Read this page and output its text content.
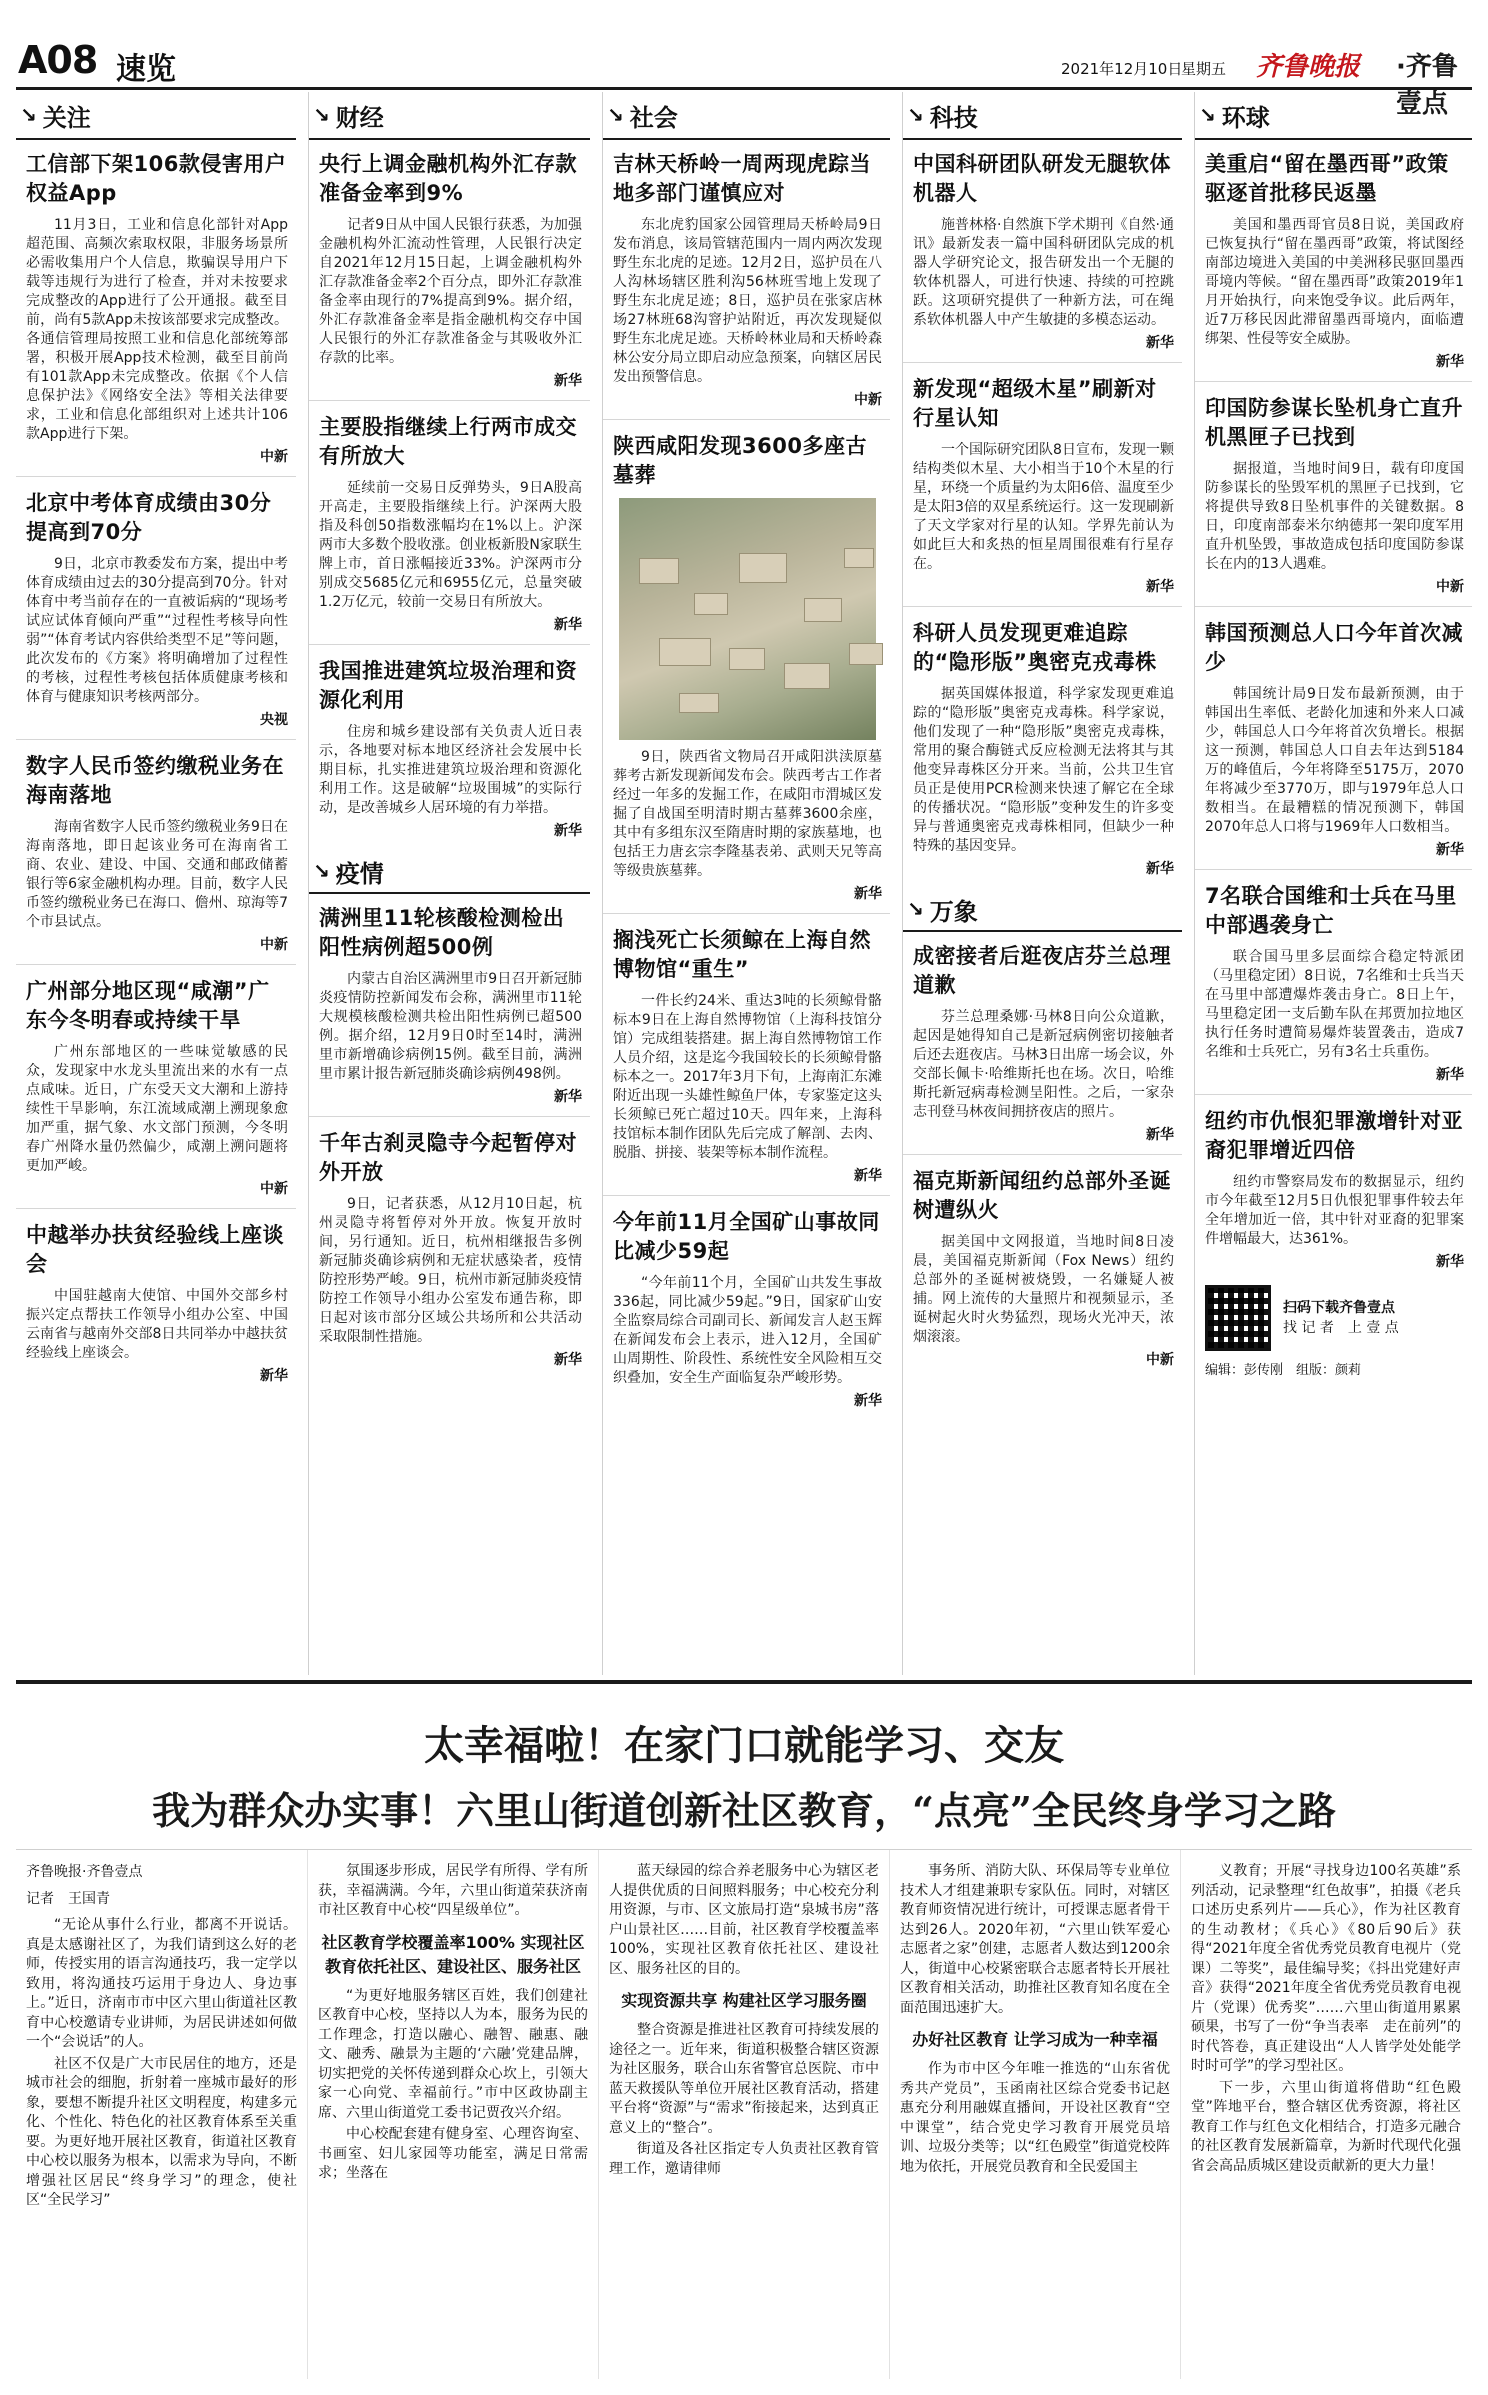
A08 速览	2021年12月10日
星期五 齐鲁晚报 ·齐鲁壹点
↘ 关注
工信部下架106款侵害用户权益App

11月3日，工业和信息化部针对App超范围、高频次索取权限，非服务场景所必需收集用户个人信息，欺骗误导用户下载等违规行为进行了检查，并对未按要求完成整改的App进行了公开通报。截至目前，尚有5款App未按该部要求完成整改。各通信管理局按照工业和信息化部统筹部署，积极开展App技术检测，截至目前尚有101款App未完成整改。依据《个人信息保护法》《网络安全法》等相关法律要求，工业和信息化部组织对上述共计106款App进行下架。

中新
北京中考体育成绩由30分提高到70分

9日，北京市教委发布方案，提出中考体育成绩由过去的30分提高到70分。针对体育中考当前存在的一直被诟病的“现场考试应试体育倾向严重”“过程性考核导向性弱”“体育考试内容供给类型不足”等问题，此次发布的《方案》将明确增加了过程性的考核，过程性考核包括体质健康考核和体育与健康知识考核两部分。

央视
数字人民币签约缴税业务在海南落地

海南省数字人民币签约缴税业务9日在海南落地，即日起该业务可在海南省工商、农业、建设、中国、交通和邮政储蓄银行等6家金融机构办理。目前，数字人民币签约缴税业务已在海口、儋州、琼海等7个市县试点。

中新
广州部分地区现“咸潮”广东今冬明春或持续干旱

广州东部地区的一些味觉敏感的民众，发现家中水龙头里流出来的水有一点点咸味。近日，广东受天文大潮和上游持续性干旱影响，东江流域咸潮上溯现象愈加严重，据气象、水文部门预测，今冬明春广州降水量仍然偏少，咸潮上溯问题将更加严峻。

中新
中越举办扶贫经验线上座谈会

中国驻越南大使馆、中国外交部乡村振兴定点帮扶工作领导小组办公室、中国云南省与越南外交部8日共同举办中越扶贫经验线上座谈会。

新华
↘ 财经
央行上调金融机构外汇存款准备金率到9%

记者9日从中国人民银行获悉，为加强金融机构外汇流动性管理，人民银行决定自2021年12月15日起，上调金融机构外汇存款准备金率2个百分点，即外汇存款准备金率由现行的7%提高到9%。据介绍，外汇存款准备金率是指金融机构交存中国人民银行的外汇存款准备金与其吸收外汇存款的比率。

新华
主要股指继续上行两市成交有所放大

延续前一交易日反弹势头，9日A股高开高走，主要股指继续上行。沪深两大股指及科创50指数涨幅均在1%以上。沪深两市大多数个股收涨。创业板新股N家联生牌上市，首日涨幅接近33%。沪深两市分别成交5685亿元和6955亿元，总量突破1.2万亿元，较前一交易日有所放大。

新华
我国推进建筑垃圾治理和资源化利用

住房和城乡建设部有关负责人近日表示，各地要对标本地区经济社会发展中长期目标，扎实推进建筑垃圾治理和资源化利用工作。这是破解“垃圾围城”的实际行动，是改善城乡人居环境的有力举措。

新华
↘ 疫情
满洲里11轮核酸检测检出阳性病例超500例

内蒙古自治区满洲里市9日召开新冠肺炎疫情防控新闻发布会称，满洲里市11轮大规模核酸检测共检出阳性病例已超500例。据介绍，12月9日0时至14时，满洲里市新增确诊病例15例。截至目前，满洲里市累计报告新冠肺炎确诊病例498例。

新华
千年古刹灵隐寺今起暂停对外开放

9日，记者获悉，从12月10日起，杭州灵隐寺将暂停对外开放。恢复开放时间，另行通知。近日，杭州相继报告多例新冠肺炎确诊病例和无症状感染者，疫情防控形势严峻。9日，杭州市新冠肺炎疫情防控工作领导小组办公室发布通告称，即日起对该市部分区域公共场所和公共活动采取限制性措施。

新华
↘ 社会
吉林天桥岭一周两现虎踪当地多部门谨慎应对

东北虎豹国家公园管理局天桥岭局9日发布消息，该局管辖范围内一周内两次发现野生东北虎的足迹。12月2日，巡护员在八人沟林场辖区胜利沟56林班雪地上发现了野生东北虎足迹；8日，巡护员在张家店林场27林班68沟窨护站附近，再次发现疑似野生东北虎足迹。天桥岭林业局和天桥岭森林公安分局立即启动应急预案，向辖区居民发出预警信息。

中新
陕西咸阳发现3600多座古墓葬

9日，陕西省文物局召开咸阳洪渎原墓葬考古新发现新闻发布会。陕西考古工作者经过一年多的发掘工作，在咸阳市渭城区发掘了自战国至明清时期古墓葬3600余座，其中有多组东汉至隋唐时期的家族墓地，也包括王力唐玄宗李隆基表弟、武则天兄等高等级贵族墓葬。

新华
搁浅死亡长须鲸在上海自然博物馆“重生”

一件长约24米、重达3吨的长须鲸骨骼标本9日在上海自然博物馆（上海科技馆分馆）完成组装搭建。据上海自然博物馆工作人员介绍，这是迄今我国较长的长须鲸骨骼标本之一。2017年3月下旬，上海南汇东滩附近出现一头雄性鲸鱼尸体，专家鉴定这头长须鲸已死亡超过10天。四年来，上海科技馆标本制作团队先后完成了解剖、去肉、脱脂、拼接、装架等标本制作流程。

新华
今年前11月全国矿山事故同比减少59起

“今年前11个月，全国矿山共发生事故336起，同比减少59起。”9日，国家矿山安全监察局综合司副司长、新闻发言人赵玉辉在新闻发布会上表示，进入12月，全国矿山周期性、阶段性、系统性安全风险相互交织叠加，安全生产面临复杂严峻形势。

新华
↘ 科技
中国科研团队研发无腿软体机器人

施普林格·自然旗下学术期刊《自然·通讯》最新发表一篇中国科研团队完成的机器人学研究论文，报告研发出一个无腿的软体机器人，可进行快速、持续的可控跳跃。这项研究提供了一种新方法，可在绳系软体机器人中产生敏捷的多模态运动。

新华
新发现“超级木星”刷新对行星认知

一个国际研究团队8日宣布，发现一颗结构类似木星、大小相当于10个木星的行星，环绕一个质量约为太阳6倍、温度至少是太阳3倍的双星系统运行。这一发现刷新了天文学家对行星的认知。学界先前认为如此巨大和炙热的恒星周围很难有行星存在。

新华
科研人员发现更难追踪的“隐形版”奥密克戎毒株

据英国媒体报道，科学家发现更难追踪的“隐形版”奥密克戎毒株。科学家说，他们发现了一种“隐形版”奥密克戎毒株，常用的聚合酶链式反应检测无法将其与其他变异毒株区分开来。当前，公共卫生官员正是使用PCR检测来快速了解它在全球的传播状况。“隐形版”变种发生的许多变异与普通奥密克戎毒株相同，但缺少一种特殊的基因变异。

新华
↘ 万象
成密接者后逛夜店芬兰总理道歉

芬兰总理桑娜·马林8日向公众道歉，起因是她得知自己是新冠病例密切接触者后还去逛夜店。马林3日出席一场会议，外交部长佩卡·哈维斯托也在场。次日，哈维斯托新冠病毒检测呈阳性。之后，一家杂志刊登马林夜间拥挤夜店的照片。

新华
福克斯新闻纽约总部外圣诞树遭纵火

据美国中文网报道，当地时间8日凌晨，美国福克斯新闻（Fox News）纽约总部外的圣诞树被烧毁，一名嫌疑人被捕。网上流传的大量照片和视频显示，圣诞树起火时火势猛烈，现场火光冲天，浓烟滚滚。

中新
↘ 环球
美重启“留在墨西哥”政策驱逐首批移民返墨

美国和墨西哥官员8日说，美国政府已恢复执行“留在墨西哥”政策，将试图经南部边境进入美国的中美洲移民驱回墨西哥境内等候。“留在墨西哥”政策2019年1月开始执行，向来饱受争议。此后两年，近7万移民因此滞留墨西哥境内，面临遭绑架、性侵等安全威胁。

新华
印国防参谋长坠机身亡直升机黑匣子已找到

据报道，当地时间9日，载有印度国防参谋长的坠毁军机的黑匣子已找到，它将提供导致8日坠机事件的关键数据。8日，印度南部泰米尔纳德邦一架印度军用直升机坠毁，事故造成包括印度国防参谋长在内的13人遇难。

中新
韩国预测总人口今年首次减少

韩国统计局9日发布最新预测，由于韩国出生率低、老龄化加速和外来人口减少，韩国总人口今年将首次负增长。根据这一预测，韩国总人口自去年达到5184万的峰值后，今年将降至5175万，2070年将减少至3770万，即与1979年总人口数相当。在最糟糕的情况预测下，韩国2070年总人口将与1969年人口数相当。

新华
7名联合国维和士兵在马里中部遇袭身亡

联合国马里多层面综合稳定特派团（马里稳定团）8日说，7名维和士兵当天在马里中部遭爆炸袭击身亡。8日上午，马里稳定团一支后勤车队在邦贾加拉地区执行任务时遭简易爆炸装置袭击，造成7名维和士兵死亡，另有3名士兵重伤。

新华
纽约市仇恨犯罪激增针对亚裔犯罪增近四倍

纽约市警察局发布的数据显示，纽约市今年截至12月5日仇恨犯罪事件较去年全年增加近一倍，其中针对亚裔的犯罪案件增幅最大，达361%。

新华
扫码下载齐鲁壹点
找 记 者　上 壹 点
编辑：彭传刚　组版：颜莉
太幸福啦！在家门口就能学习、交友
我为群众办实事！六里山街道创新社区教育，“点亮”全民终身学习之路
齐鲁晚报·齐鲁壹点
记者　王国青

“无论从事什么行业，都离不开说话。真是太感谢社区了，为我们请到这么好的老师，传授实用的语言沟通技巧，我一定学以致用，将沟通技巧运用于身边人、身边事上。”近日，济南市市中区六里山街道社区教育中心校邀请专业讲师，为居民讲述如何做一个“会说话”的人。

社区不仅是广大市民居住的地方，还是城市社会的细胞，折射着一座城市最好的形象，要想不断提升社区文明程度，构建多元化、个性化、特色化的社区教育体系至关重要。为更好地开展社区教育，街道社区教育中心校以服务为根本，以需求为导向，不断增强社区居民“终身学习”的理念，使社区“全民学习”

氛围逐步形成，居民学有所得、学有所获，幸福满满。今年，六里山街道荣获济南市社区教育中心校“四星级单位”。

社区教育学校覆盖率100% 实现社区教育依托社区、建设社区、服务社区

“为更好地服务辖区百姓，我们创建社区教育中心校，坚持以人为本，服务为民的工作理念，打造以融心、融智、融惠、融文、融秀、融景为主题的‘六融’党建品牌，切实把党的关怀传递到群众心坎上，引领大家一心向党、幸福前行。”市中区政协副主席、六里山街道党工委书记贾孜兴介绍。

中心校配套建有健身室、心理咨询室、书画室、妇儿家园等功能室，满足日常需求；坐落在

蓝天绿园的综合养老服务中心为辖区老人提供优质的日间照料服务；中心校充分利用资源，与市、区文旅局打造“泉城书房”落户山景社区……目前，社区教育学校覆盖率100%，实现社区教育依托社区、建设社区、服务社区的目的。

实现资源共享 构建社区学习服务圈

整合资源是推进社区教育可持续发展的途径之一。近年来，街道积极整合辖区资源为社区服务，联合山东省警官总医院、市中蓝天救援队等单位开展社区教育活动，搭建平台将“资源”与“需求”衔接起来，达到真正意义上的“整合”。

街道及各社区指定专人负责社区教育管理工作，邀请律师

事务所、消防大队、环保局等专业单位技术人才组建兼职专家队伍。同时，对辖区教育师资情况进行统计，可授课志愿者骨干达到26人。2020年初，“六里山铁军爱心志愿者之家”创建，志愿者人数达到1200余人，街道中心校紧密联合志愿者特长开展社区教育相关活动，助推社区教育知名度在全面范围迅速扩大。

办好社区教育 让学习成为一种幸福

作为市中区今年唯一推选的“山东省优秀共产党员”，玉函南社区综合党委书记赵惠充分利用融媒直播间，开设社区教育“空中课堂”，结合党史学习教育开展党员培训、垃圾分类等；以“红色殿堂”街道党校阵地为依托，开展党员教育和全民爱国主

义教育；开展“寻找身边100名英雄”系列活动，记录整理“红色故事”，拍摄《老兵口述历史系列片——兵心》，作为社区教育的生动教材；《兵心》《80后90后》获得“2021年度全省优秀党员教育电视片（党课）二等奖”，最佳编导奖；《抖出党建好声音》获得“2021年度全省优秀党员教育电视片（党课）优秀奖”……六里山街道用累累硕果，书写了一份“争当表率　走在前列”的时代答卷，真正建设出“人人皆学处处能学　时时可学”的学习型社区。

下一步，六里山街道将借助“红色殿堂”阵地平台，整合辖区优秀资源，将社区教育工作与红色文化相结合，打造多元融合的社区教育发展新篇章，为新时代现代化强省会高品质城区建设贡献新的更大力量！
